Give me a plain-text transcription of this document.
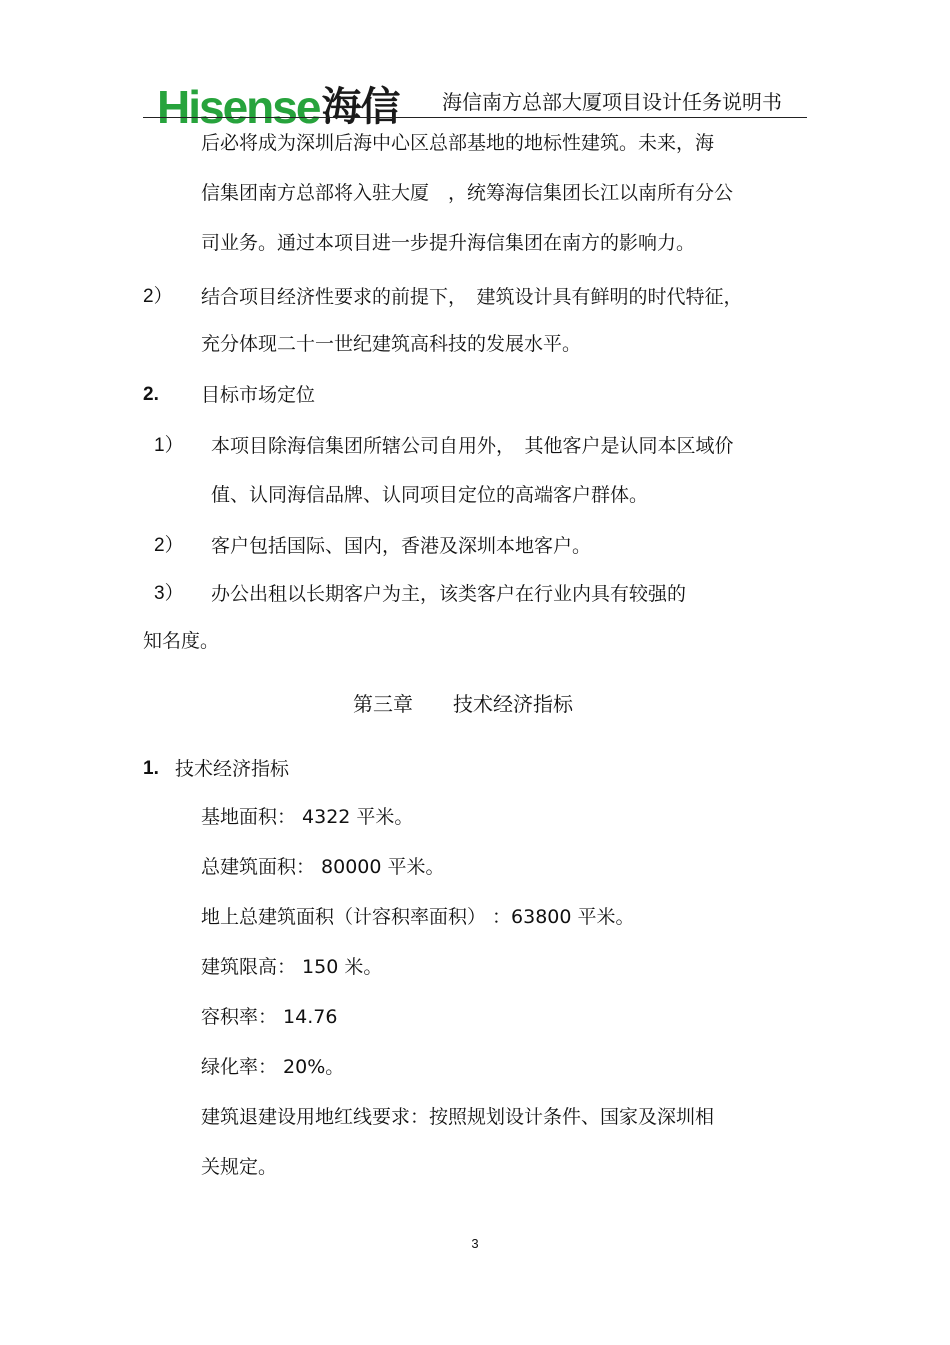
Hisense 海信 海信南方总部大厦项目设计任务说明书
后必将成为深圳后海中心区总部基地的地标性建筑。未来，海
信集团南方总部将入驻大厦　，统筹海信集团长江以南所有分公
司业务。通过本项目进一步提升海信集团在南方的影响力。
2） 结合项目经济性要求的前提下，　建筑设计具有鲜明的时代特征，
充分体现二十一世纪建筑高科技的发展水平。
2. 目标市场定位
1） 本项目除海信集团所辖公司自用外，　其他客户是认同本区域价
值、认同海信品牌、认同项目定位的高端客户群体。
2） 客户包括国际、国内，香港及深圳本地客户。
3） 办公出租以长期客户为主，该类客户在行业内具有较强的
知名度。
第三章　　技术经济指标
1. 技术经济指标
基地面积： 4322 平米。
总建筑面积： 80000 平米。
地上总建筑面积（计容积率面积） ：63800 平米。
建筑限高： 150 米。
容积率： 14.76
绿化率： 20%。
建筑退建设用地红线要求：按照规划设计条件、国家及深圳相
关规定。
3
